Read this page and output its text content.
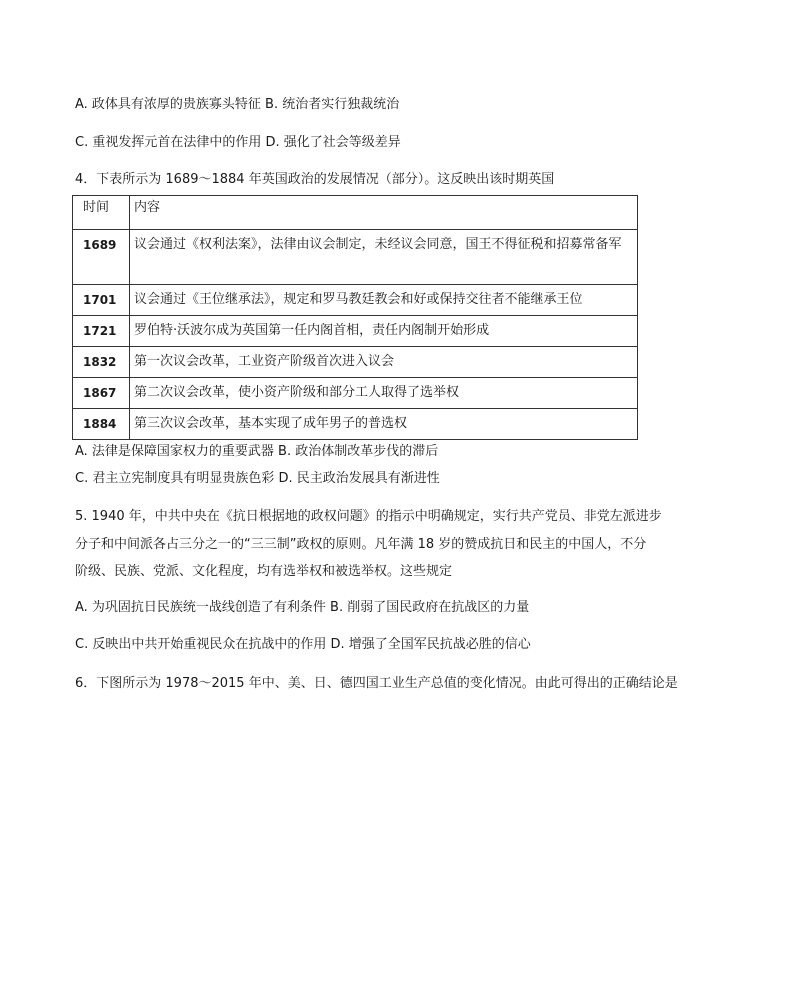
A. 政体具有浓厚的贵族寡头特征 B. 统治者实行独裁统治
C. 重视发挥元首在法律中的作用 D. 强化了社会等级差异
4．下表所示为 1689～1884 年英国政治的发展情况（部分）。这反映出该时期英国
时间	内容
1689	议会通过《权利法案》，法律由议会制定，未经议会同意，国王不得征税和招募常备军
1701	议会通过《王位继承法》，规定和罗马教廷教会和好或保持交往者不能继承王位
1721	罗伯特·沃波尔成为英国第一任内阁首相，责任内阁制开始形成
1832	第一次议会改革，工业资产阶级首次进入议会
1867	第二次议会改革，使小资产阶级和部分工人取得了选举权
1884	第三次议会改革，基本实现了成年男子的普选权
A. 法律是保障国家权力的重要武器 B. 政治体制改革步伐的滞后
C. 君主立宪制度具有明显贵族色彩 D. 民主政治发展具有渐进性
5. 1940 年，中共中央在《抗日根据地的政权问题》的指示中明确规定，实行共产党员、非党左派进步
分子和中间派各占三分之一的“三三制”政权的原则。凡年满 18 岁的赞成抗日和民主的中国人，不分
阶级、民族、党派、文化程度，均有选举权和被选举权。这些规定
A. 为巩固抗日民族统一战线创造了有利条件 B. 削弱了国民政府在抗战区的力量
C. 反映出中共开始重视民众在抗战中的作用 D. 增强了全国军民抗战必胜的信心
6．下图所示为 1978～2015 年中、美、日、德四国工业生产总值的变化情况。由此可得出的正确结论是
